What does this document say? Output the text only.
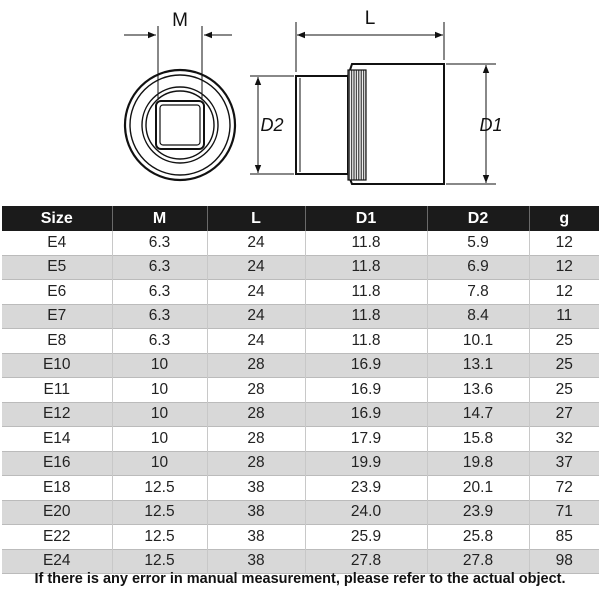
M	L
D2	D1
Size	M	L	D1	D2	g
E4	6.3	24	11.8	5.9	12
E5	6.3	24	11.8	6.9	12
E6	6.3	24	11.8	7.8	12
E7	6.3	24	11.8	8.4	11
E8	6.3	24	11.8	10.1	25
E10	10	28	16.9	13.1	25
E11	10	28	16.9	13.6	25
E12	10	28	16.9	14.7	27
E14	10	28	17.9	15.8	32
E16	10	28	19.9	19.8	37
E18	12.5	38	23.9	20.1	72
E20	12.5	38	24.0	23.9	71
E22	12.5	38	25.9	25.8	85
E24	12.5	38	27.8	27.8	98
If there is any error in manual measurement, please refer to the actual object.
